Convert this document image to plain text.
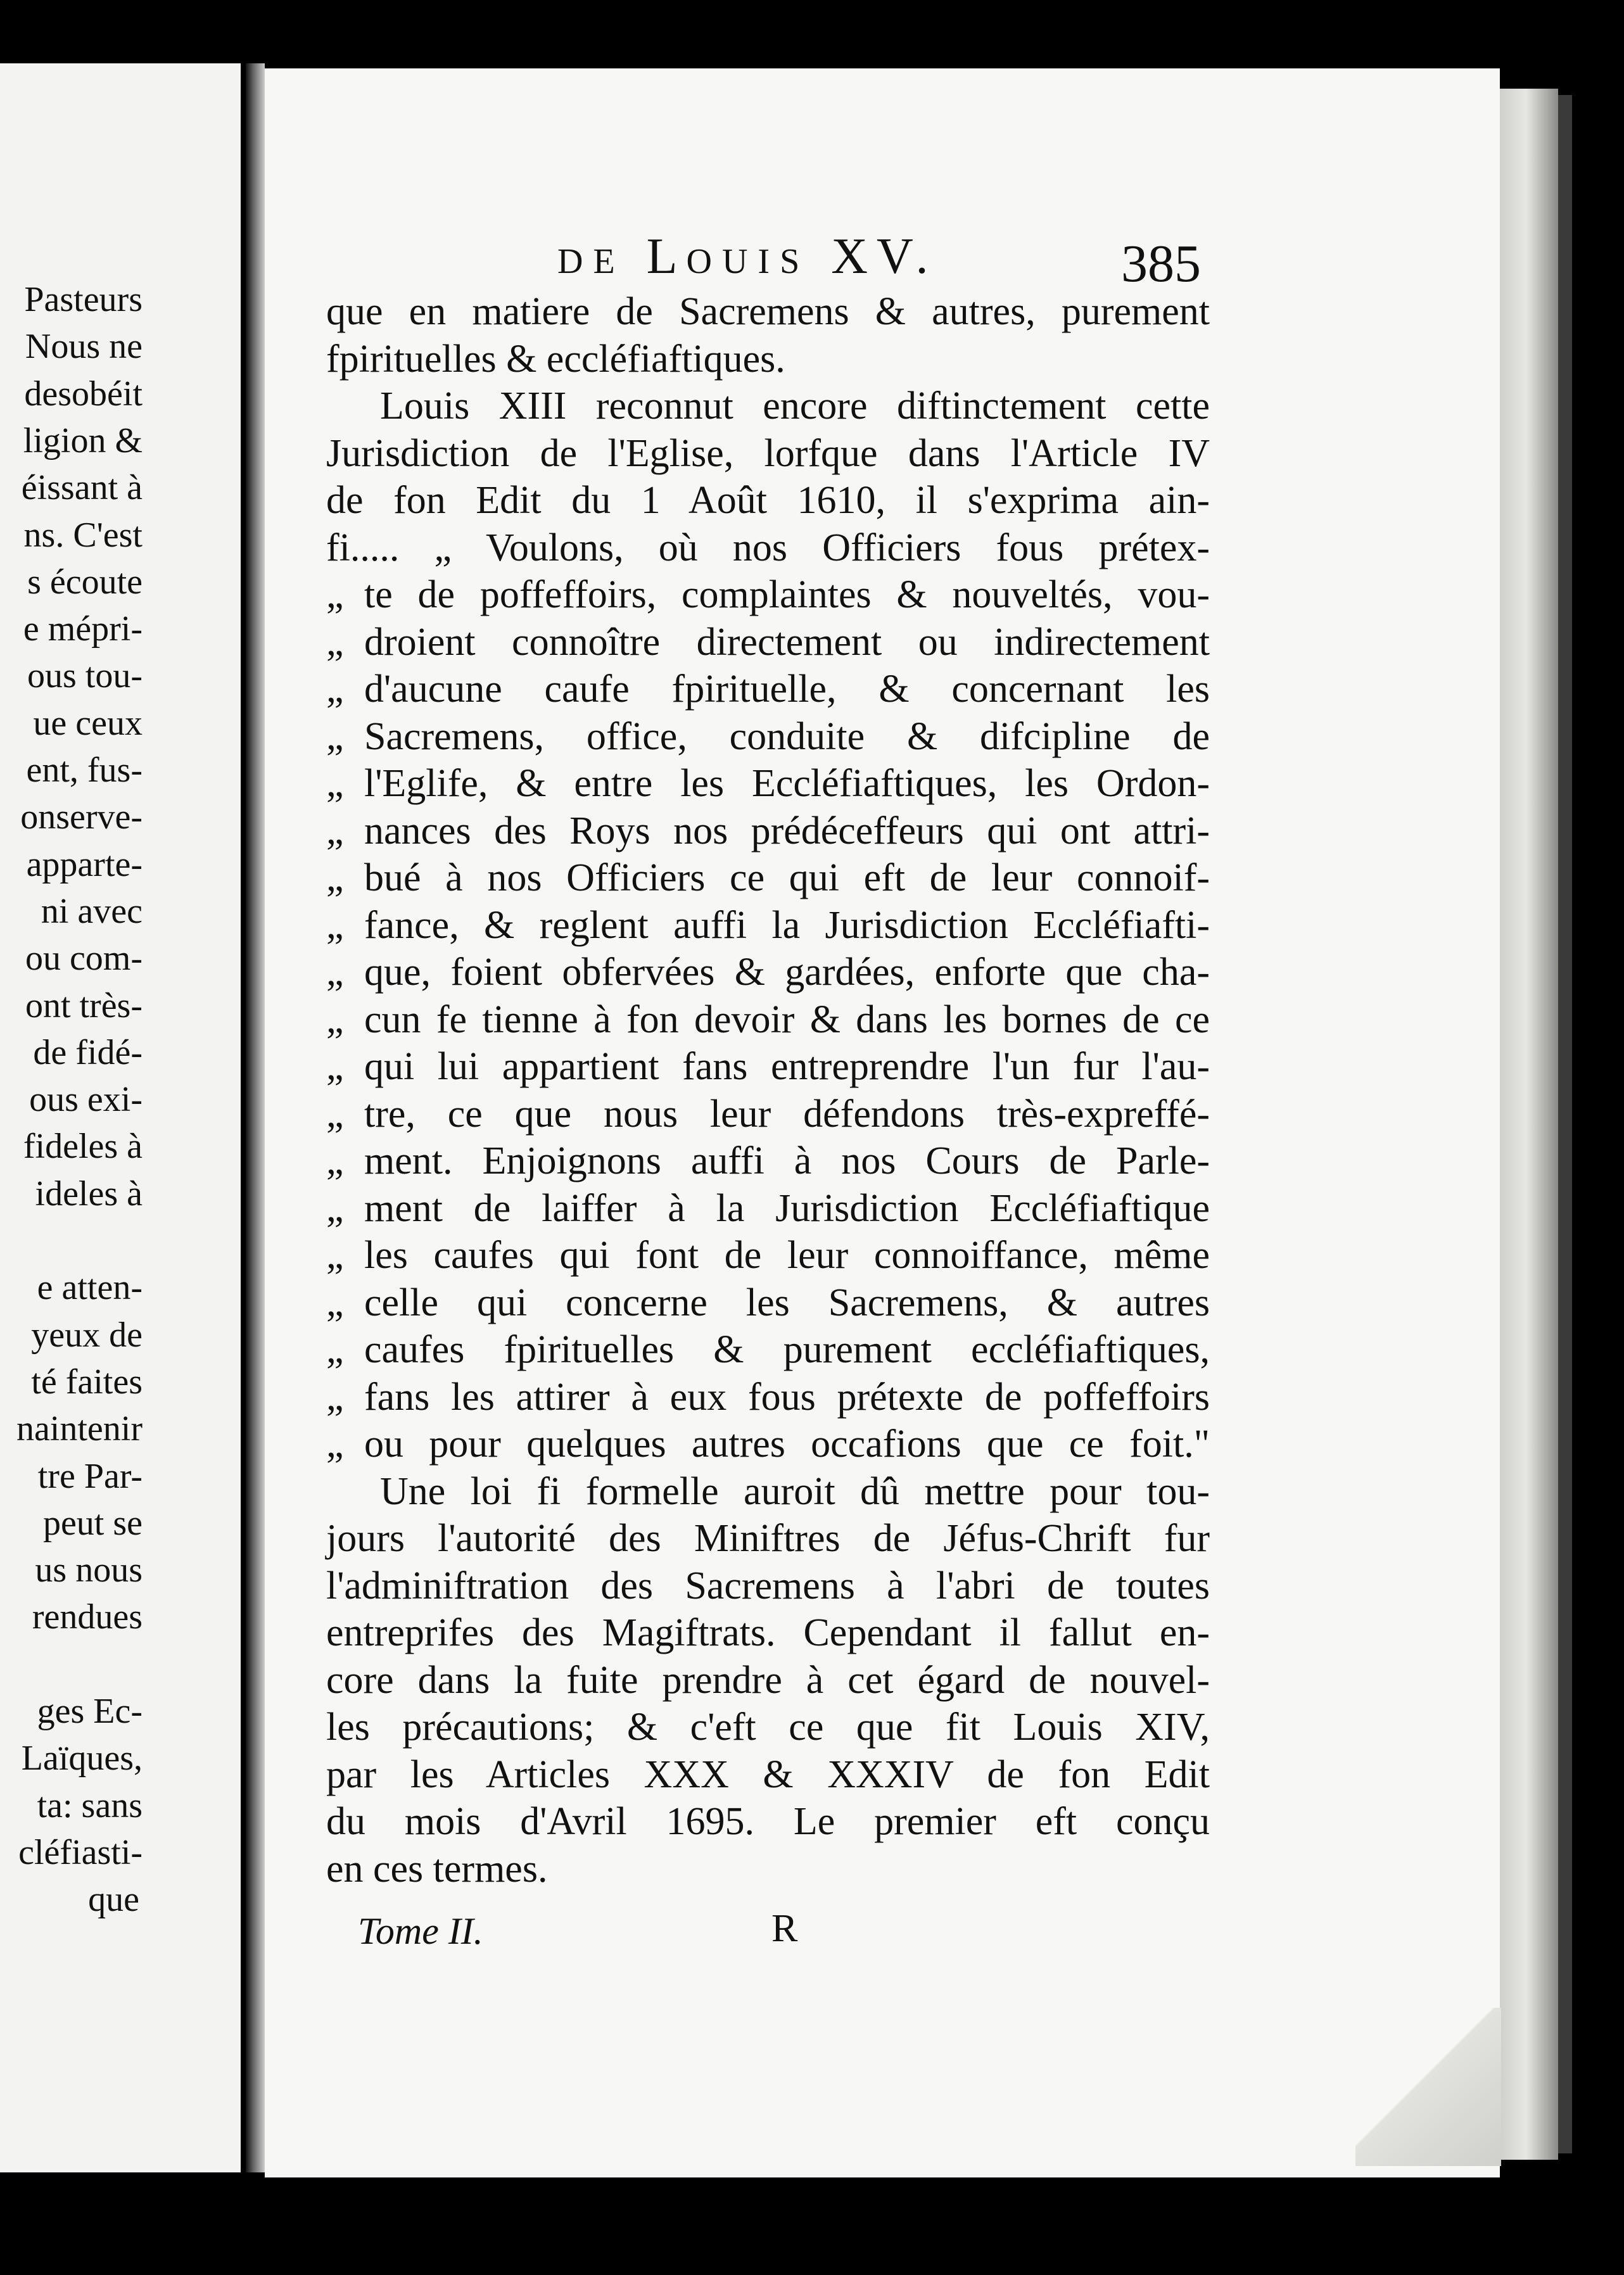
Pasteurs
Nous ne
desobéit
ligion &
éissant à
ns. C'est
s écoute
e mépri-
ous tou-
ue ceux
ent, fus-
onserve-
apparte-
ni avec
ou com-
ont très-
de fidé-
ous exi-
fideles à
ideles à
e atten-
yeux de
té faites
naintenir
tre Par-
peut se
us nous
rendues
ges Ec-
Laïques,
ta: sans
cléfiasti-
que
DE LOUIS XV.	385
que en matiere de Sacremens & autres, purement
fpirituelles & eccléfiaftiques.
Louis XIII reconnut encore diftinctement cette
Jurisdiction de l'Eglise, lorfque dans l'Article IV
de fon Edit du 1 Août 1610, il s'exprima ain-
fi..... „ Voulons, où nos Officiers fous prétex-
„ te de poffeffoirs, complaintes & nouveltés, vou-
„ droient connoître directement ou indirectement
„ d'aucune caufe fpirituelle, & concernant les
„ Sacremens, office, conduite & difcipline de
„ l'Eglife, & entre les Eccléfiaftiques, les Ordon-
„ nances des Roys nos prédéceffeurs qui ont attri-
„ bué à nos Officiers ce qui eft de leur connoif-
„ fance, & reglent auffi la Jurisdiction Eccléfiafti-
„ que, foient obfervées & gardées, enforte que cha-
„ cun fe tienne à fon devoir & dans les bornes de ce
„ qui lui appartient fans entreprendre l'un fur l'au-
„ tre, ce que nous leur défendons très-expreffé-
„ ment. Enjoignons auffi à nos Cours de Parle-
„ ment de laiffer à la Jurisdiction Eccléfiaftique
„ les caufes qui font de leur connoiffance, même
„ celle qui concerne les Sacremens, & autres
„ caufes fpirituelles & purement eccléfiaftiques,
„ fans les attirer à eux fous prétexte de poffeffoirs
„ ou pour quelques autres occafions que ce foit."
Une loi fi formelle auroit dû mettre pour tou-
jours l'autorité des Miniftres de Jéfus-Chrift fur
l'adminiftration des Sacremens à l'abri de toutes
entreprifes des Magiftrats. Cependant il fallut en-
core dans la fuite prendre à cet égard de nouvel-
les précautions; & c'eft ce que fit Louis XIV,
par les Articles XXX & XXXIV de fon Edit
du mois d'Avril 1695. Le premier eft conçu
en ces termes.
Tome II.	R
